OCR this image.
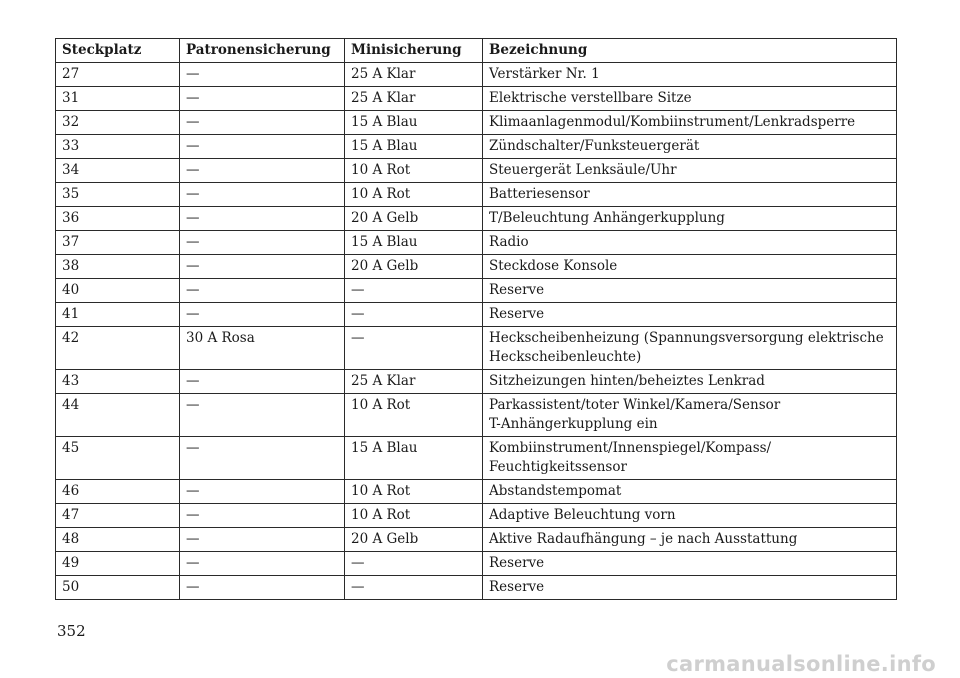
Steckplatz	Patronensicherung	Minisicherung	Bezeichnung
27	—	25 A Klar	Verstärker Nr. 1
31	—	25 A Klar	Elektrische verstellbare Sitze
32	—	15 A Blau	Klimaanlagenmodul/Kombiinstrument/Lenkradsperre
33	—	15 A Blau	Zündschalter/Funksteuergerät
34	—	10 A Rot	Steuergerät Lenksäule/Uhr
35	—	10 A Rot	Batteriesensor
36	—	20 A Gelb	T/Beleuchtung Anhängerkupplung
37	—	15 A Blau	Radio
38	—	20 A Gelb	Steckdose Konsole
40	—	—	Reserve
41	—	—	Reserve
42	30 A Rosa	—	Heckscheibenheizung (Spannungsversorgung elektrische
Heckscheibenleuchte)

43	—	25 A Klar	Sitzheizungen hinten/beheiztes Lenkrad
44	—	10 A Rot	Parkassistent/toter Winkel/Kamera/Sensor
T-Anhängerkupplung ein

45	—	15 A Blau	Kombiinstrument/Innenspiegel/Kompass/
Feuchtigkeitssensor

46	—	10 A Rot	Abstandstempomat
47	—	10 A Rot	Adaptive Beleuchtung vorn
48	—	20 A Gelb	Aktive Radaufhängung – je nach Ausstattung
49	—	—	Reserve
50	—	—	Reserve
352
carmanualsonline.info
